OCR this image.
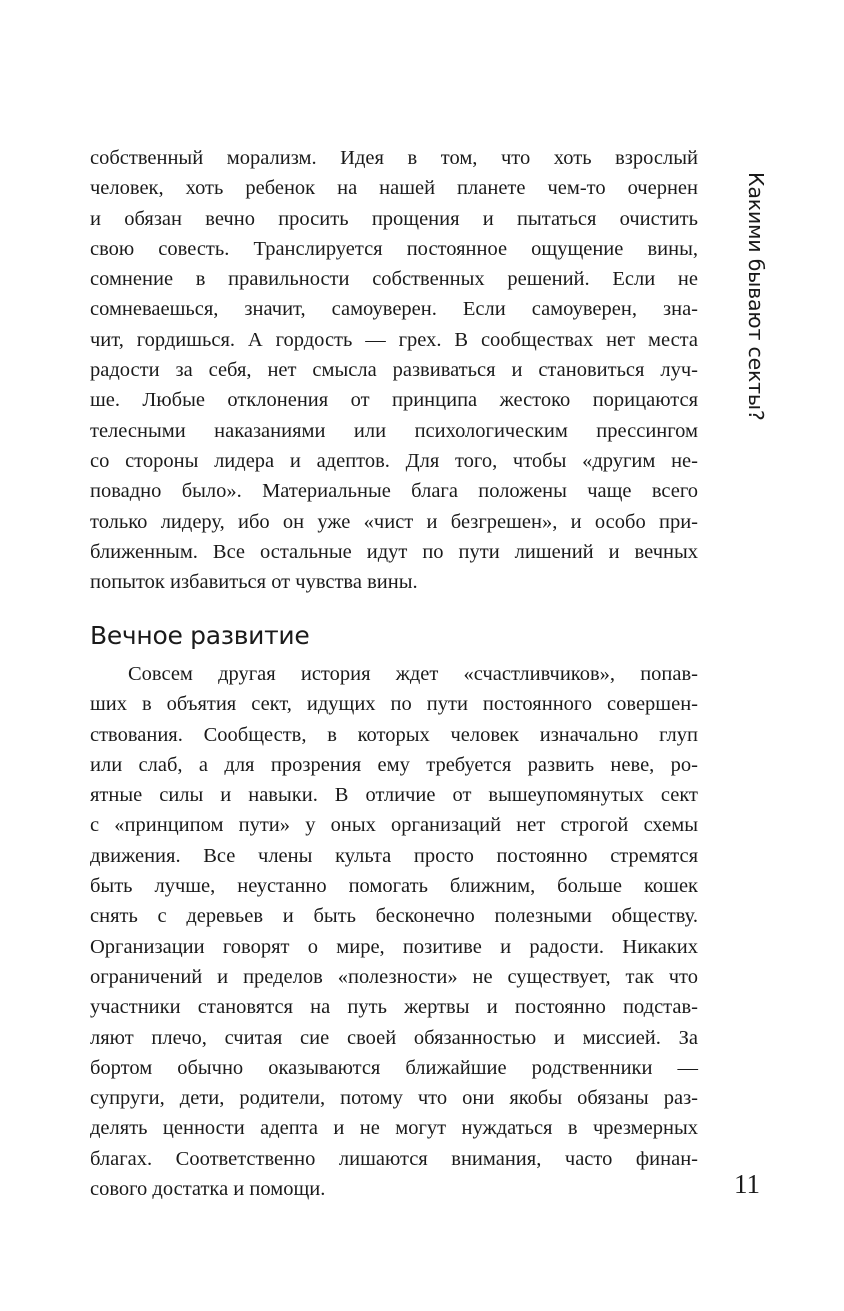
Какими бывают секты?
собственный морализм. Идея в том, что хоть взрослый
человек, хоть ребенок на нашей планете чем-то очернен
и обязан вечно просить прощения и пытаться очистить
свою совесть. Транслируется постоянное ощущение вины,
сомнение в правильности собственных решений. Если не
сомневаешься, значит, самоуверен. Если самоуверен, зна-
чит, гордишься. А гордость — грех. В сообществах нет места
радости за себя, нет смысла развиваться и становиться луч-
ше. Любые отклонения от принципа жестоко порицаются
телесными наказаниями или психологическим прессингом
со стороны лидера и адептов. Для того, чтобы «другим не-
повадно было». Материальные блага положены чаще всего
только лидеру, ибо он уже «чист и безгрешен», и особо при-
ближенным. Все остальные идут по пути лишений и вечных
попыток избавиться от чувства вины.
Вечное развитие
Совсем другая история ждет «счастливчиков», попав-
ших в объятия сект, идущих по пути постоянного совершен-
ствования. Сообществ, в которых человек изначально глуп
или слаб, а для прозрения ему требуется развить неве, ро-
ятные силы и навыки. В отличие от вышеупомянутых сект
с «принципом пути» у оных организаций нет строгой схемы
движения. Все члены культа просто постоянно стремятся
быть лучше, неустанно помогать ближним, больше кошек
снять с деревьев и быть бесконечно полезными обществу.
Организации говорят о мире, позитиве и радости. Никаких
ограничений и пределов «полезности» не существует, так что
участники становятся на путь жертвы и постоянно подстав-
ляют плечо, считая сие своей обязанностью и миссией. За
бортом обычно оказываются ближайшие родственники —
супруги, дети, родители, потому что они якобы обязаны раз-
делять ценности адепта и не могут нуждаться в чрезмерных
благах. Соответственно лишаются внимания, часто финан-
сового достатка и помощи.	11
